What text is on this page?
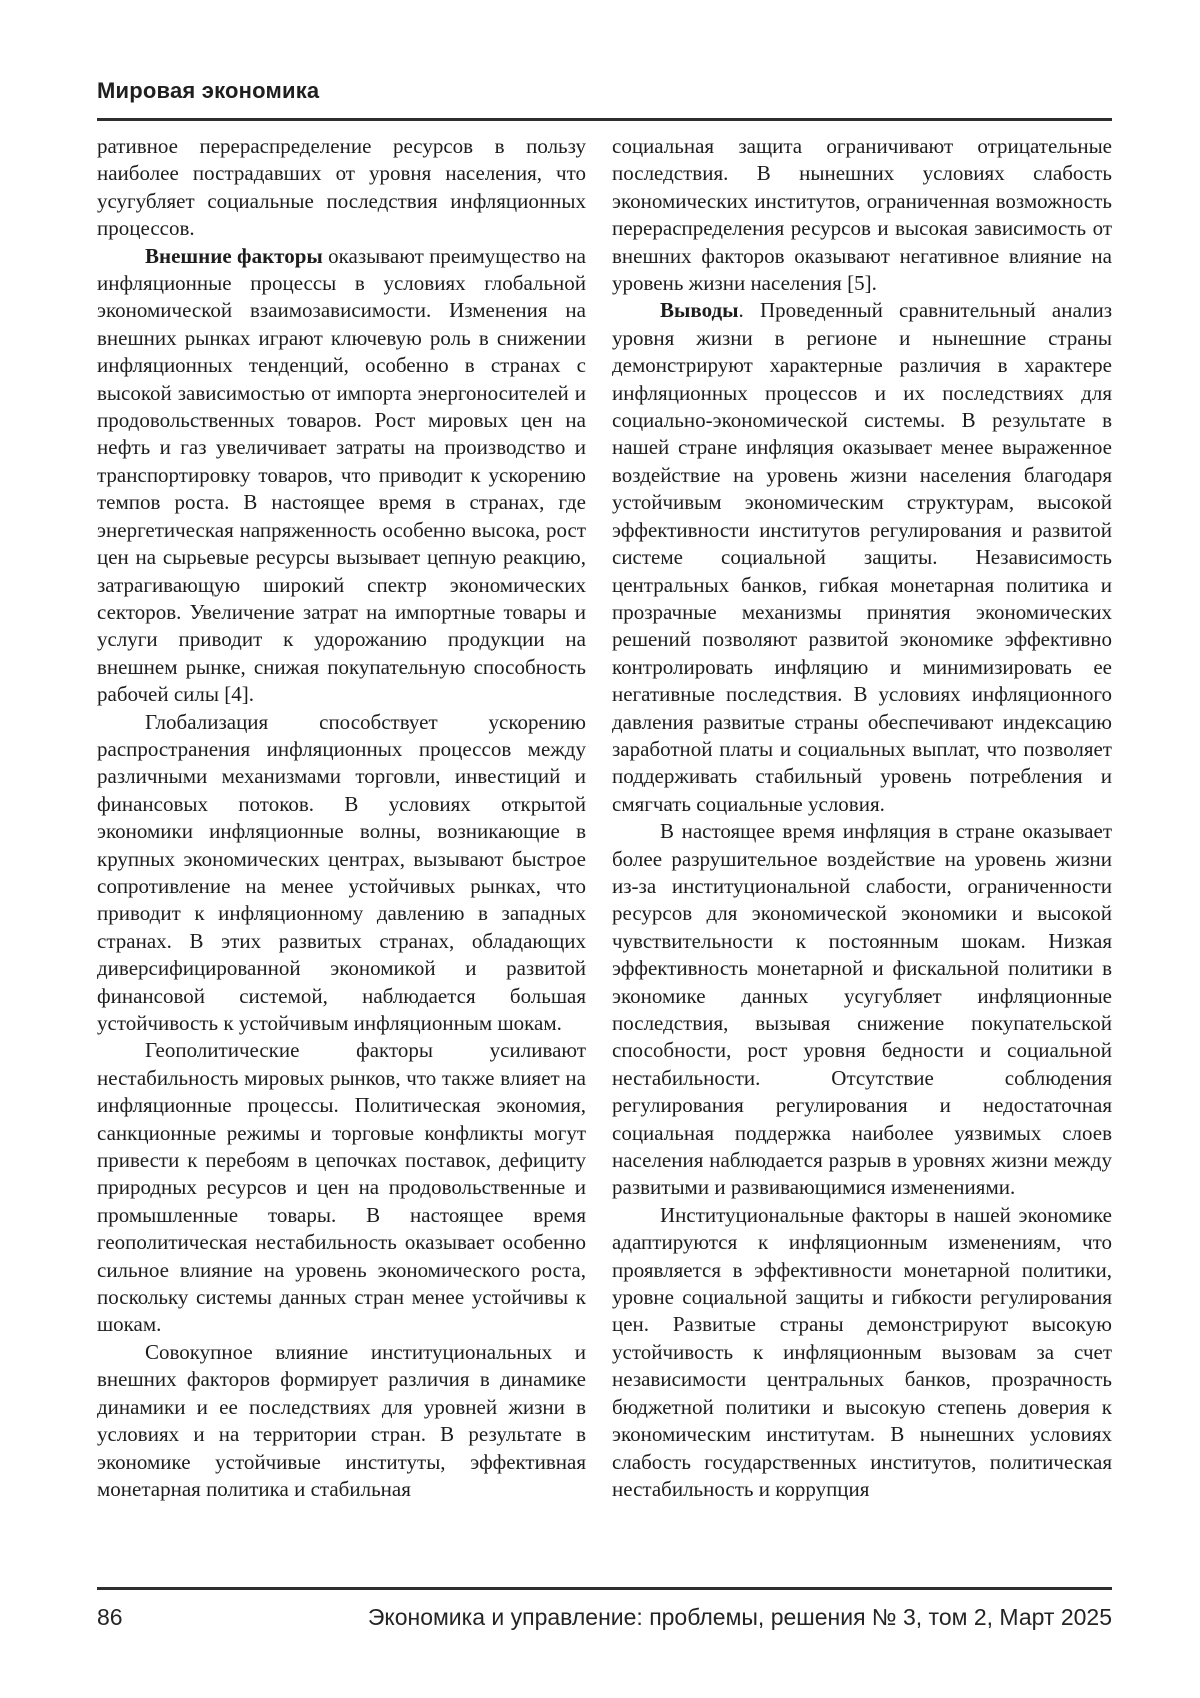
Мировая экономика

ративное перераспределение ресурсов в пользу наиболее пострадавших от уровня населения, что усугубляет социальные последствия инфляционных процессов.

Внешние факторы оказывают преимущество на инфляционные процессы в условиях глобальной экономической взаимозависимости. Изменения на внешних рынках играют ключевую роль в снижении инфляционных тенденций, особенно в странах с высокой зависимостью от импорта энергоносителей и продовольственных товаров. Рост мировых цен на нефть и газ увеличивает затраты на производство и транспортировку товаров, что приводит к ускорению темпов роста. В настоящее время в странах, где энергетическая напряженность особенно высока, рост цен на сырьевые ресурсы вызывает цепную реакцию, затрагивающую широкий спектр экономических секторов. Увеличение затрат на импортные товары и услуги приводит к удорожанию продукции на внешнем рынке, снижая покупательную способность рабочей силы [4].

Глобализация способствует ускорению распространения инфляционных процессов между различными механизмами торговли, инвестиций и финансовых потоков. В условиях открытой экономики инфляционные волны, возникающие в крупных экономических центрах, вызывают быстрое сопротивление на менее устойчивых рынках, что приводит к инфляционному давлению в западных странах. В этих развитых странах, обладающих диверсифицированной экономикой и развитой финансовой системой, наблюдается большая устойчивость к устойчивым инфляционным шокам.

Геополитические факторы усиливают нестабильность мировых рынков, что также влияет на инфляционные процессы. Политическая экономия, санкционные режимы и торговые конфликты могут привести к перебоям в цепочках поставок, дефициту природных ресурсов и цен на продовольственные и промышленные товары. В настоящее время геополитическая нестабильность оказывает особенно сильное влияние на уровень экономического роста, поскольку системы данных стран менее устойчивы к шокам.

Совокупное влияние институциональных и внешних факторов формирует различия в динамике динамики и ее последствиях для уровней жизни в условиях и на территории стран. В результате в экономике устойчивые институты, эффективная монетарная политика и стабильная

социальная защита ограничивают отрицательные последствия. В нынешних условиях слабость экономических институтов, ограниченная возможность перераспределения ресурсов и высокая зависимость от внешних факторов оказывают негативное влияние на уровень жизни населения [5].

Выводы. Проведенный сравнительный анализ уровня жизни в регионе и нынешние страны демонстрируют характерные различия в характере инфляционных процессов и их последствиях для социально-экономической системы. В результате в нашей стране инфляция оказывает менее выраженное воздействие на уровень жизни населения благодаря устойчивым экономическим структурам, высокой эффективности институтов регулирования и развитой системе социальной защиты. Независимость центральных банков, гибкая монетарная политика и прозрачные механизмы принятия экономических решений позволяют развитой экономике эффективно контролировать инфляцию и минимизировать ее негативные последствия. В условиях инфляционного давления развитые страны обеспечивают индексацию заработной платы и социальных выплат, что позволяет поддерживать стабильный уровень потребления и смягчать социальные условия.

В настоящее время инфляция в стране оказывает более разрушительное воздействие на уровень жизни из-за институциональной слабости, ограниченности ресурсов для экономической экономики и высокой чувствительности к постоянным шокам. Низкая эффективность монетарной и фискальной политики в экономике данных усугубляет инфляционные последствия, вызывая снижение покупательской способности, рост уровня бедности и социальной нестабильности. Отсутствие соблюдения регулирования регулирования и недостаточная социальная поддержка наиболее уязвимых слоев населения наблюдается разрыв в уровнях жизни между развитыми и развивающимися изменениями.

Институциональные факторы в нашей экономике адаптируются к инфляционным изменениям, что проявляется в эффективности монетарной политики, уровне социальной защиты и гибкости регулирования цен. Развитые страны демонстрируют высокую устойчивость к инфляционным вызовам за счет независимости центральных банков, прозрачность бюджетной политики и высокую степень доверия к экономическим институтам. В нынешних условиях слабость государственных институтов, политическая нестабильность и коррупция

86	Экономика и управление: проблемы, решения № 3, том 2, Март 2025
